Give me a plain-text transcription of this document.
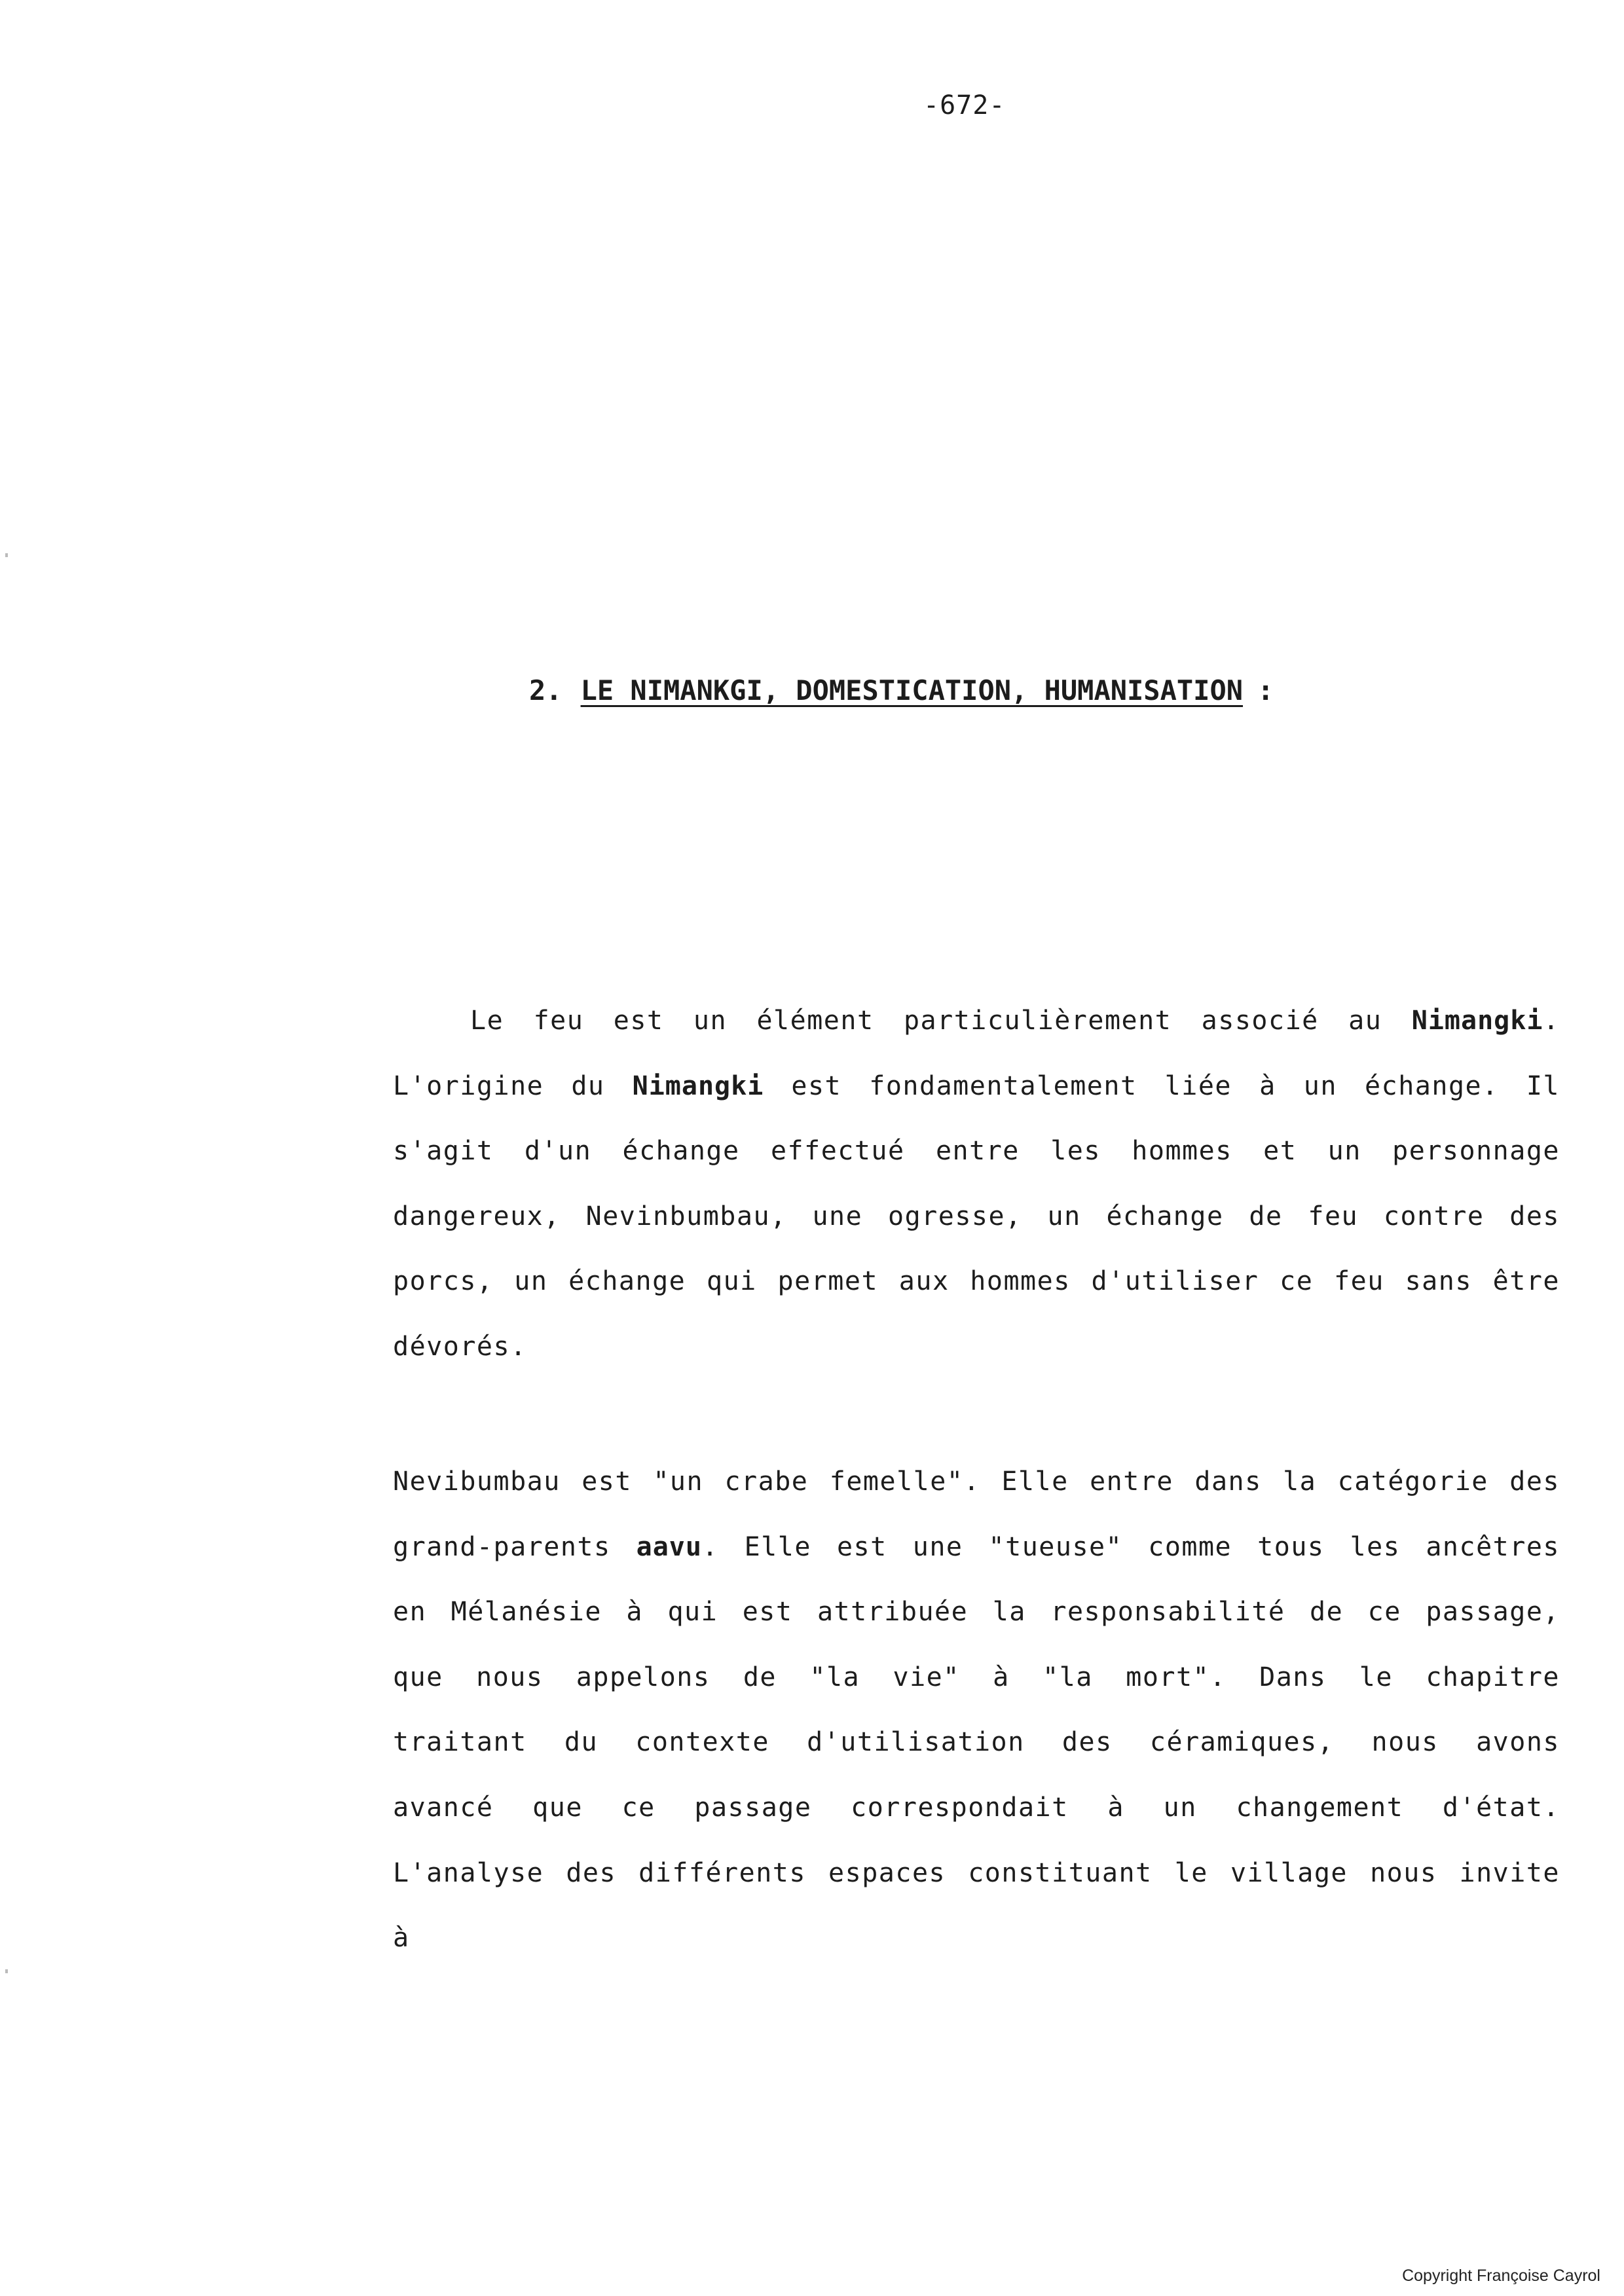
-672-
2. LE NIMANKGI, DOMESTICATION, HUMANISATION :
Le feu est un élément particulièrement associé au Nimangki. L'origine du Nimangki est fondamentalement liée à un échange. Il s'agit d'un échange effectué entre les hommes et un personnage dangereux, Nevinbumbau, une ogresse, un échange de feu contre des porcs, un échange qui permet aux hommes d'utiliser ce feu sans être dévorés.
Nevibumbau est "un crabe femelle". Elle entre dans la catégorie des grand-parents aavu. Elle est une "tueuse" comme tous les ancêtres en Mélanésie à qui est attribuée la responsabilité de ce passage, que nous appelons de "la vie" à "la mort". Dans le chapitre traitant du contexte d'utilisation des céramiques, nous avons avancé que ce passage correspondait à un changement d'état. L'analyse des différents espaces constituant le village nous invite à
Copyright Françoise Cayrol
